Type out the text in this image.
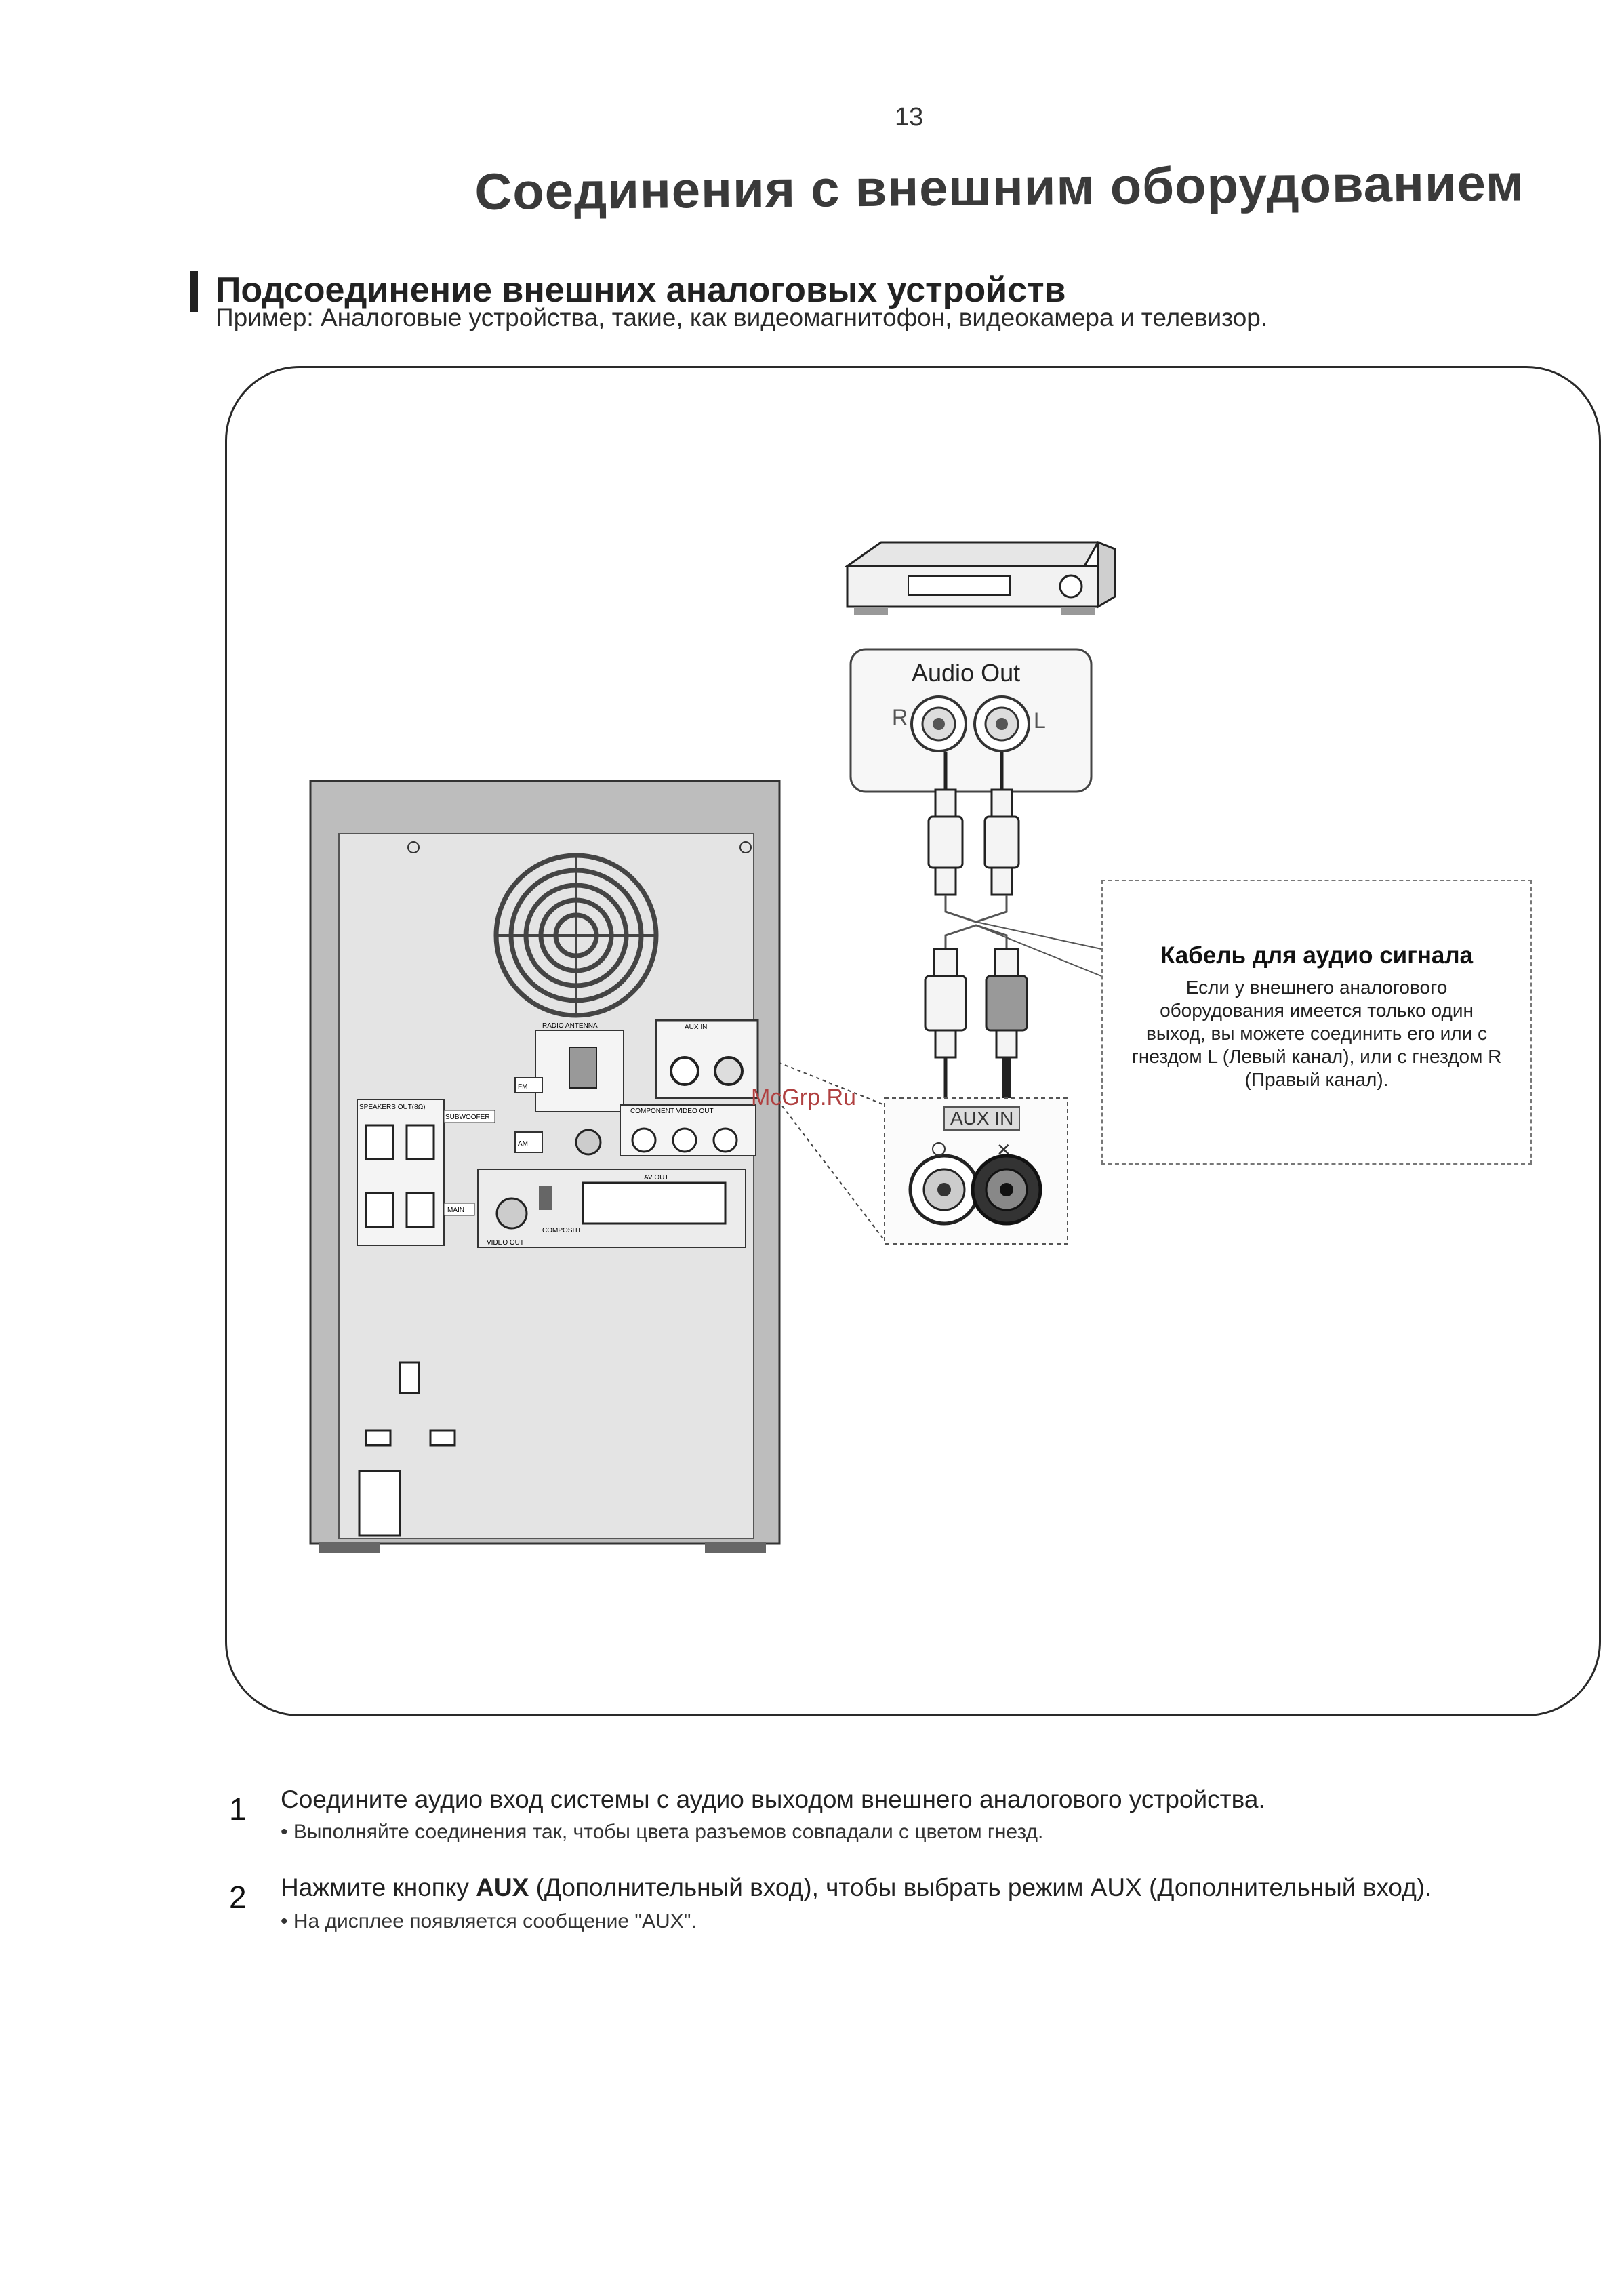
13
Соединения с внешним оборудованием
Подсоединение внешних аналоговых устройств
Пример: Аналоговые устройства, такие, как видеомагнитофон, видеокамера и телевизор.
✕
RADIO ANTENNA	AUX IN
SPEAKERS OUT(8Ω)
COMPONENT VIDEO OUT
AV OUT
VIDEO OUT
COMPOSITE
FM
AM
SUBWOOFER
MAIN
Audio Out
R	L
AUX IN
McGrp.Ru
Кабель для аудио сигнала
Если у внешнего аналогового оборудования имеется только один выход, вы можете соединить его или с гнездом L (Левый канал), или с гнездом R (Правый канал).
1 Соедините аудио вход системы с аудио выходом внешнего аналогового устройства.
• Выполняйте соединения так, чтобы цвета разъемов совпадали с цветом гнезд.
2 Нажмите кнопку AUX (Дополнительный вход), чтобы выбрать режим AUX (Дополнительный вход).
• На дисплее появляется сообщение "AUX".
